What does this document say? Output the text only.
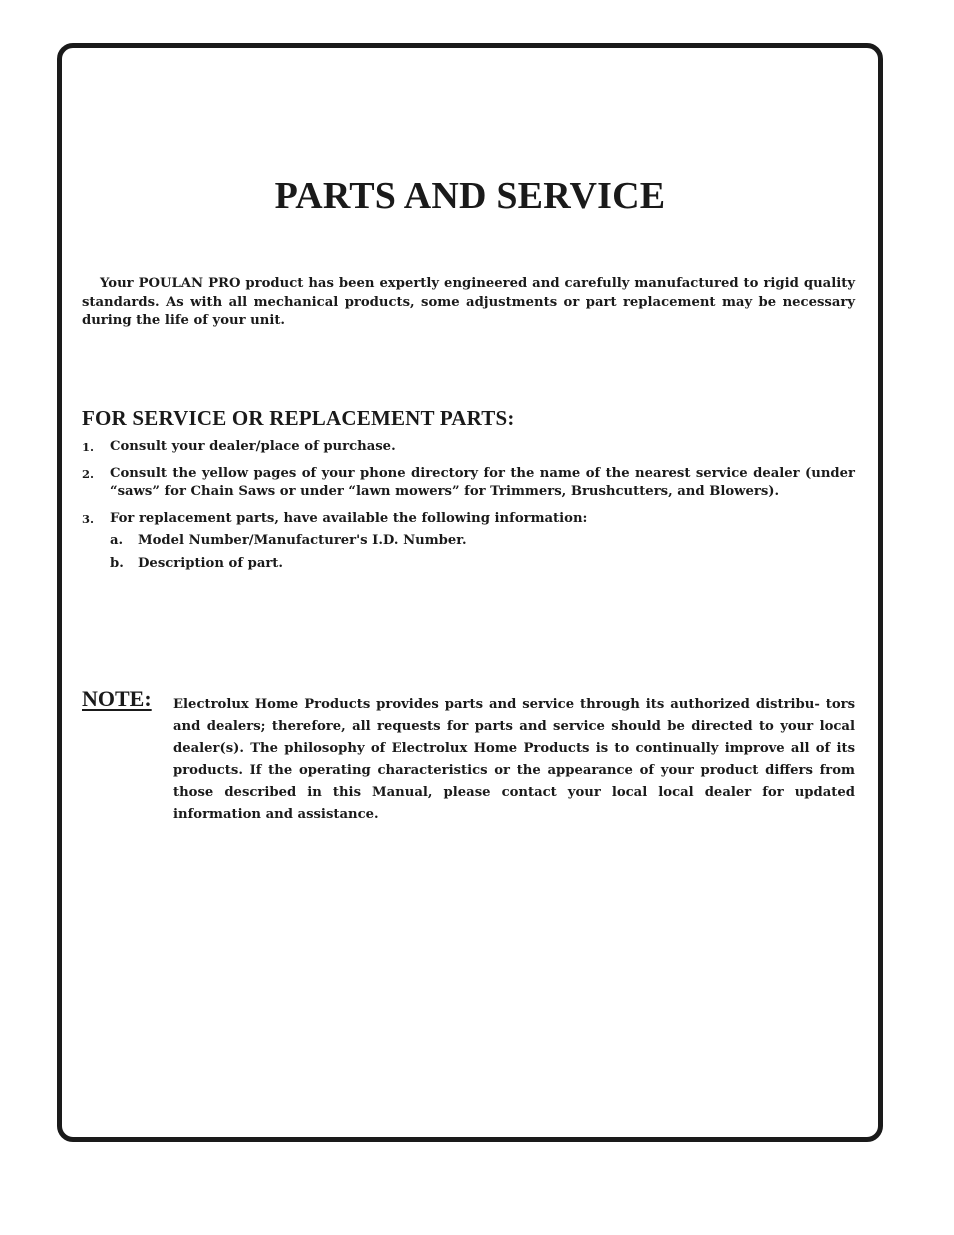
PARTS AND SERVICE

Your POULAN PRO product has been expertly engineered and carefully manufactured to rigid quality standards. As with all mechanical products, some adjustments or part replacement may be necessary during the life of your unit.

FOR SERVICE OR REPLACEMENT PARTS:
1. Consult your dealer/place of purchase.
2. Consult the yellow pages of your phone directory for the name of the nearest service dealer (under “saws” for Chain Saws or under “lawn mowers” for Trimmers, Brushcutters, and Blowers).
3. For replacement parts, have available the following information:
a. Model Number/Manufacturer's I.D. Number.
b. Description of part.
NOTE: Electrolux Home Products provides parts and service through its authorized distribu- tors and dealers; therefore, all requests for parts and service should be directed to your local dealer(s). The philosophy of Electrolux Home Products is to continually improve all of its products. If the operating characteristics or the appearance of your product differs from those described in this Manual, please contact your local local dealer for updated information and assistance.
